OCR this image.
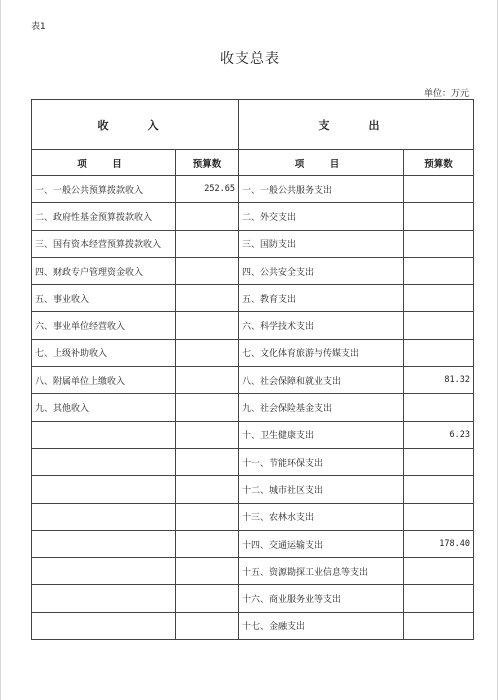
表1
收支总表
单位：万元
收　入		支　出	
项　目	预算数	项　目	预算数
一、一般公共预算拨款收入	252.65	一、一般公共服务支出	
二、政府性基金预算拨款收入		二、外交支出	
三、国有资本经营预算拨款收入		三、国防支出	
四、财政专户管理资金收入		四、公共安全支出	
五、事业收入		五、教育支出	
六、事业单位经营收入		六、科学技术支出	
七、上级补助收入		七、文化体育旅游与传媒支出	
八、附属单位上缴收入		八、社会保障和就业支出	81.32
九、其他收入		九、社会保险基金支出	
		十、卫生健康支出	6.23
		十一、节能环保支出	
		十二、城市社区支出	
		十三、农林水支出	
		十四、交通运输支出	178.40
		十五、资源勘探工业信息等支出	
		十六、商业服务业等支出	
		十七、金融支出	
